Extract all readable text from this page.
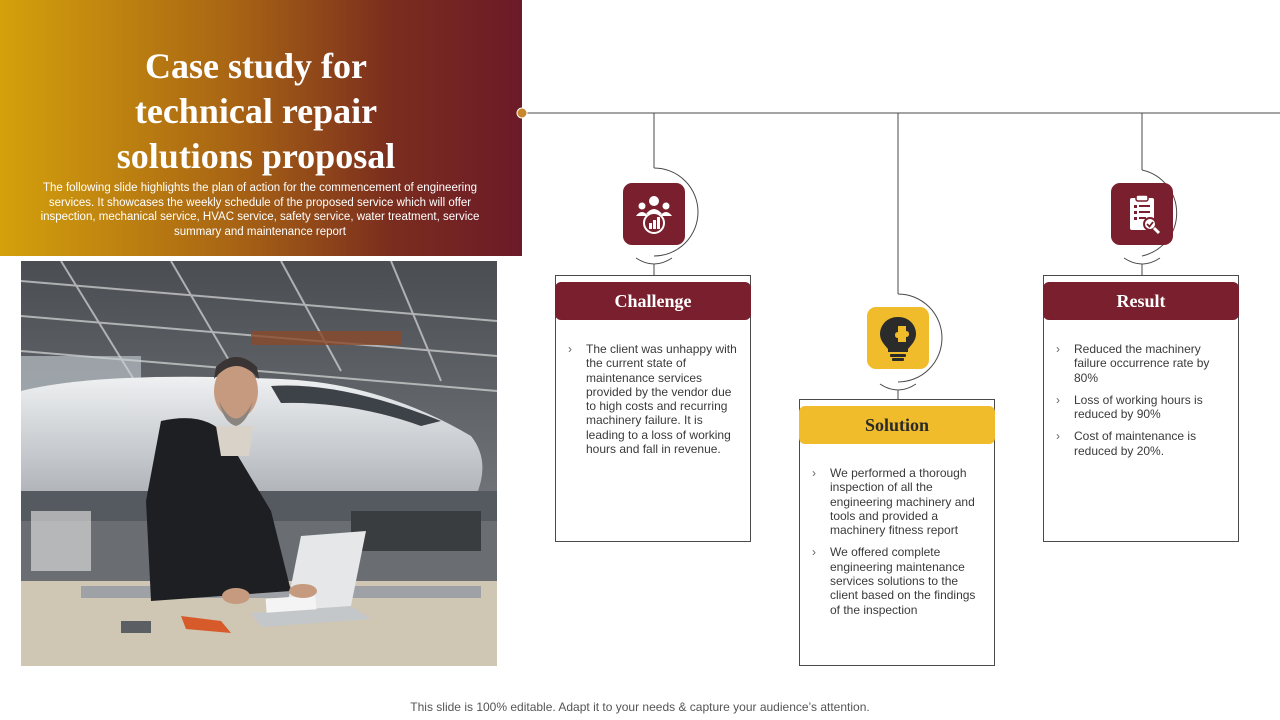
Case study for
technical repair
solutions proposal
The following slide highlights the plan of action for the commencement of engineering services. It showcases the weekly schedule of the proposed service which will offer inspection, mechanical service, HVAC service, safety service, water treatment, service summary and maintenance report
Challenge
› The client was unhappy with the current state of maintenance services provided by the vendor due to high costs and recurring machinery failure. It is leading to a loss of working hours and fall in revenue.
Solution
› We performed a thorough inspection of all the engineering machinery and tools and provided a machinery fitness report
› We offered complete engineering maintenance services solutions to the client based on the findings of the inspection
Result
› Reduced the machinery failure occurrence rate by 80%
› Loss of working hours is reduced by 90%
› Cost of maintenance is reduced by 20%.
This slide is 100% editable. Adapt it to your needs & capture your audience’s attention.
